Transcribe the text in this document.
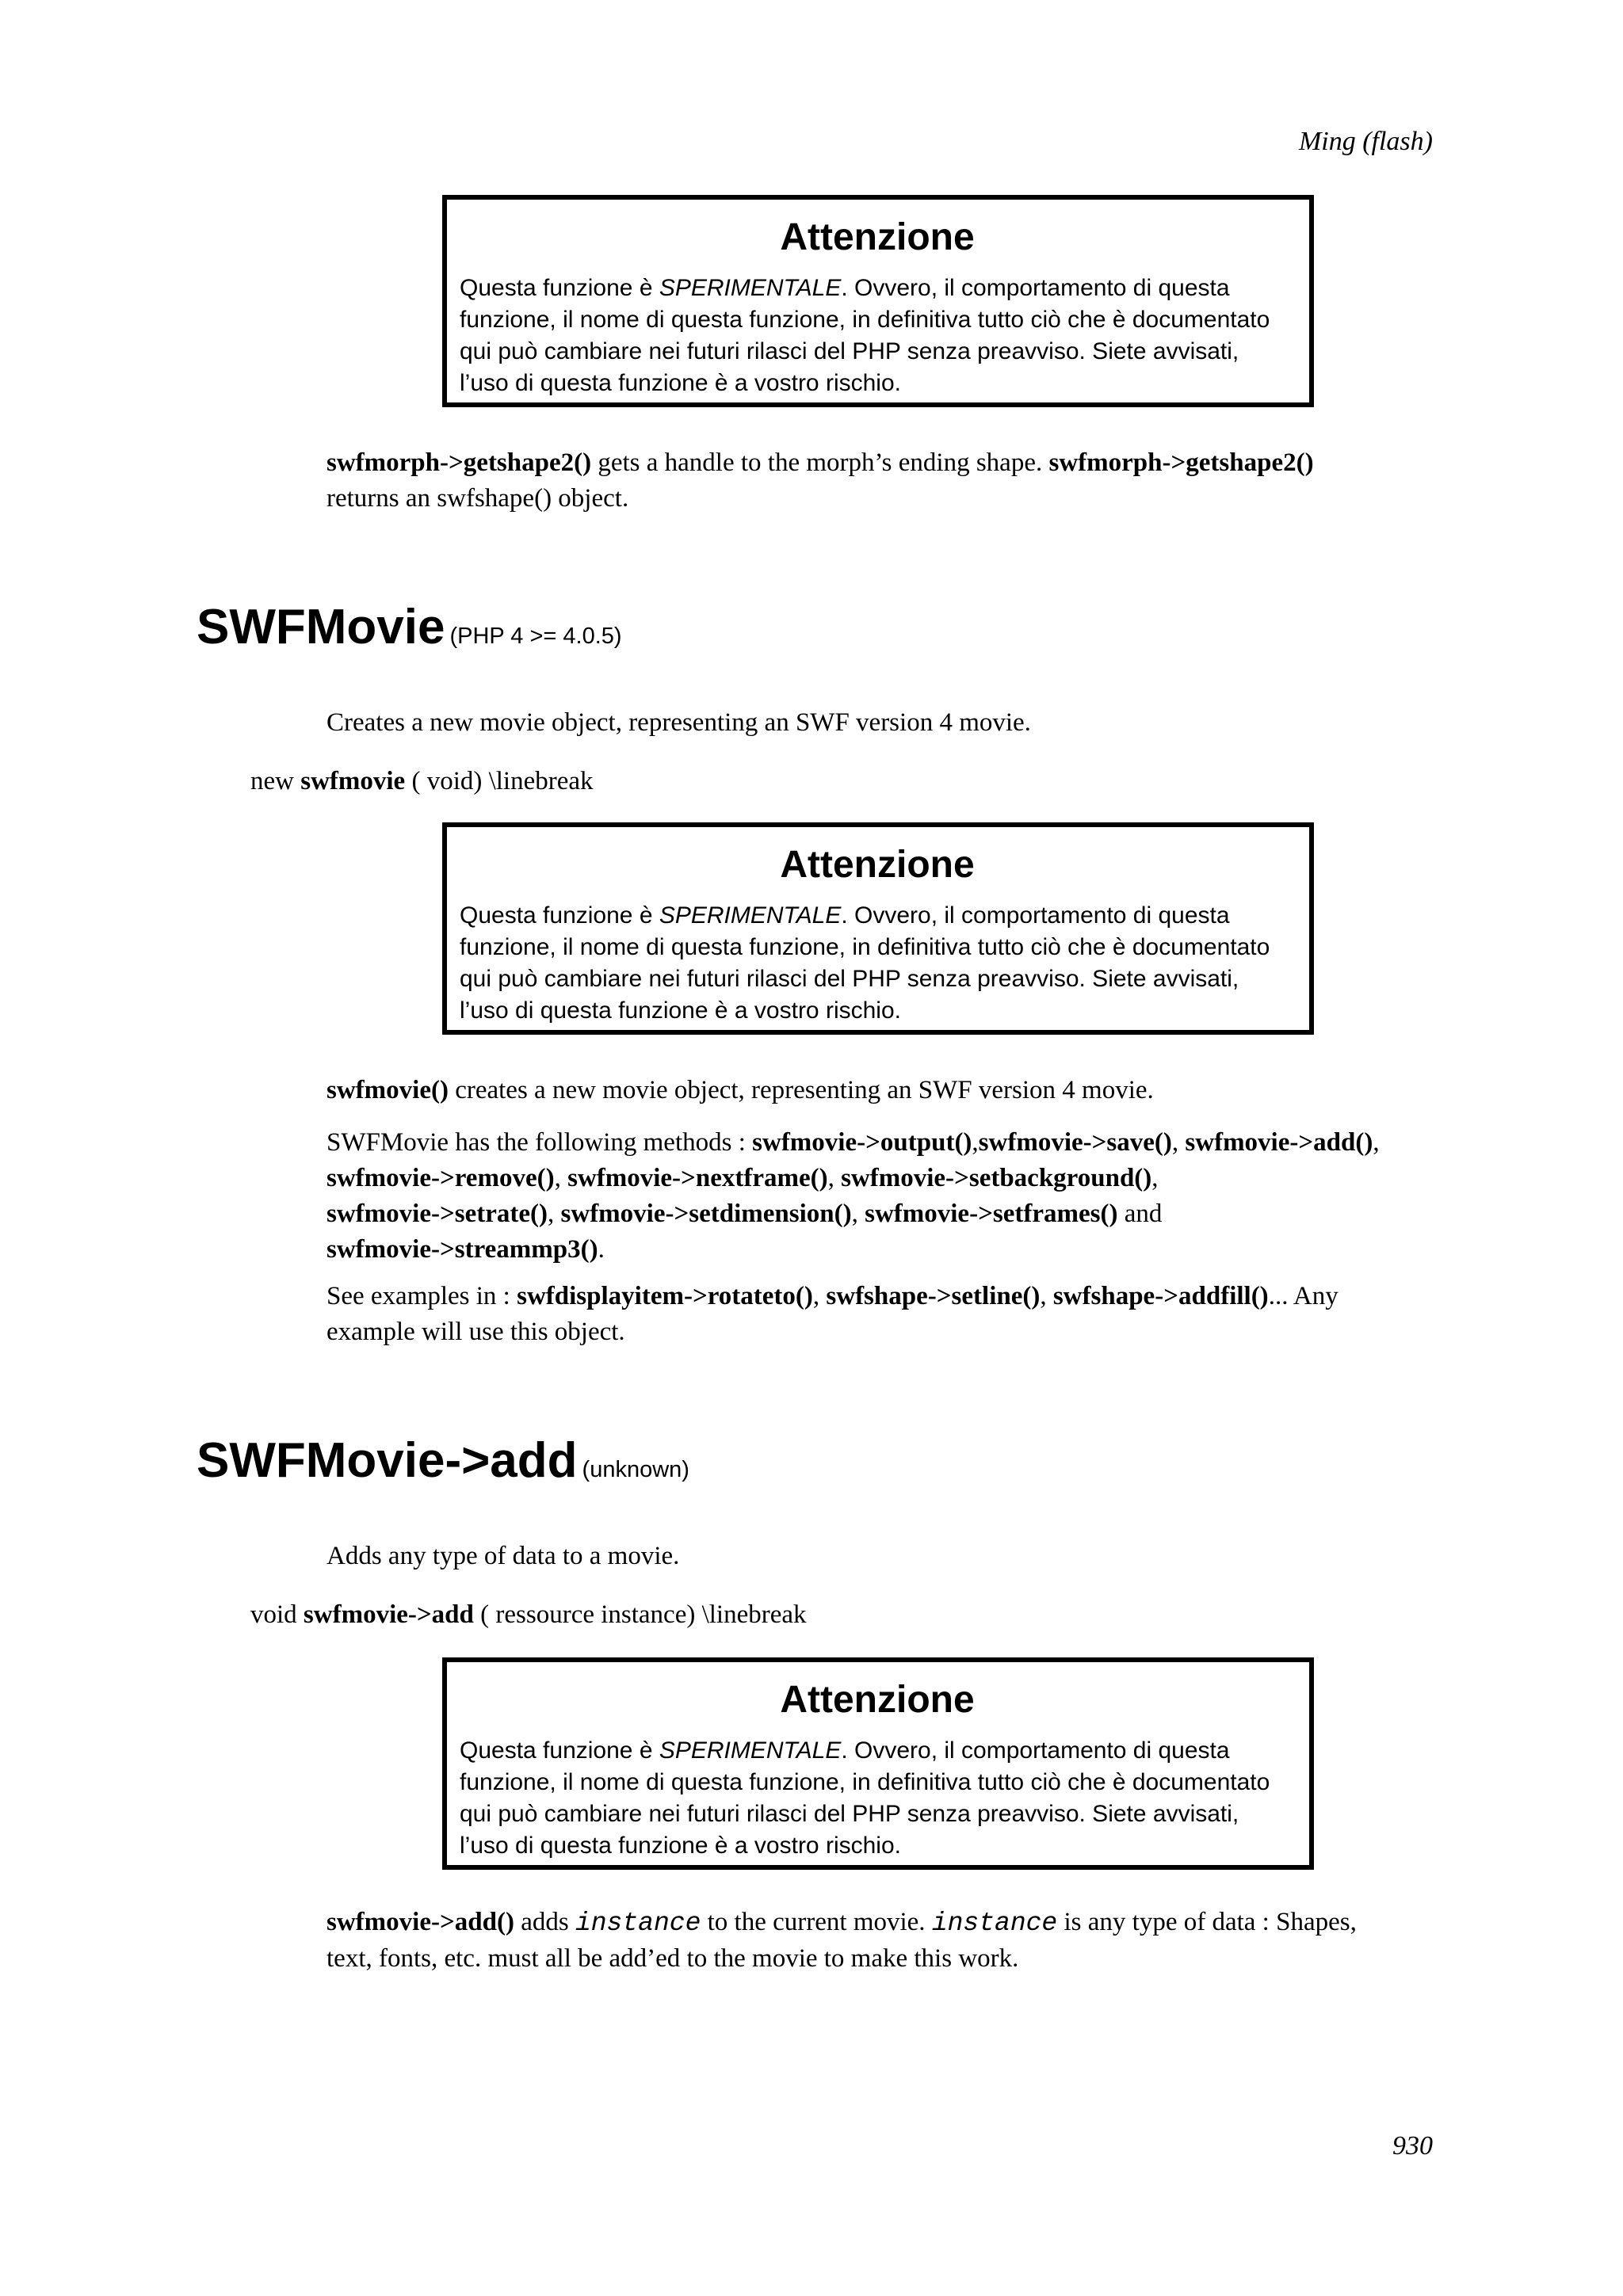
Ming (flash)
Attenzione
Questa funzione è SPERIMENTALE. Ovvero, il comportamento di questa
funzione, il nome di questa funzione, in definitiva tutto ciò che è documentato
qui può cambiare nei futuri rilasci del PHP senza preavviso. Siete avvisati,
l’uso di questa funzione è a vostro rischio.
swfmorph->getshape2() gets a handle to the morph’s ending shape. swfmorph->getshape2()
returns an swfshape() object.
SWFMovie (PHP 4 >= 4.0.5)
Creates a new movie object, representing an SWF version 4 movie.
new swfmovie ( void) \linebreak
Attenzione
Questa funzione è SPERIMENTALE. Ovvero, il comportamento di questa
funzione, il nome di questa funzione, in definitiva tutto ciò che è documentato
qui può cambiare nei futuri rilasci del PHP senza preavviso. Siete avvisati,
l’uso di questa funzione è a vostro rischio.
swfmovie() creates a new movie object, representing an SWF version 4 movie.
SWFMovie has the following methods : swfmovie->output(),swfmovie->save(), swfmovie->add(),
swfmovie->remove(), swfmovie->nextframe(), swfmovie->setbackground(),
swfmovie->setrate(), swfmovie->setdimension(), swfmovie->setframes() and
swfmovie->streammp3().
See examples in : swfdisplayitem->rotateto(), swfshape->setline(), swfshape->addfill()... Any
example will use this object.
SWFMovie->add (unknown)
Adds any type of data to a movie.
void swfmovie->add ( ressource instance) \linebreak
Attenzione
Questa funzione è SPERIMENTALE. Ovvero, il comportamento di questa
funzione, il nome di questa funzione, in definitiva tutto ciò che è documentato
qui può cambiare nei futuri rilasci del PHP senza preavviso. Siete avvisati,
l’uso di questa funzione è a vostro rischio.
swfmovie->add() adds instance to the current movie. instance is any type of data : Shapes,
text, fonts, etc. must all be add’ed to the movie to make this work.
930
